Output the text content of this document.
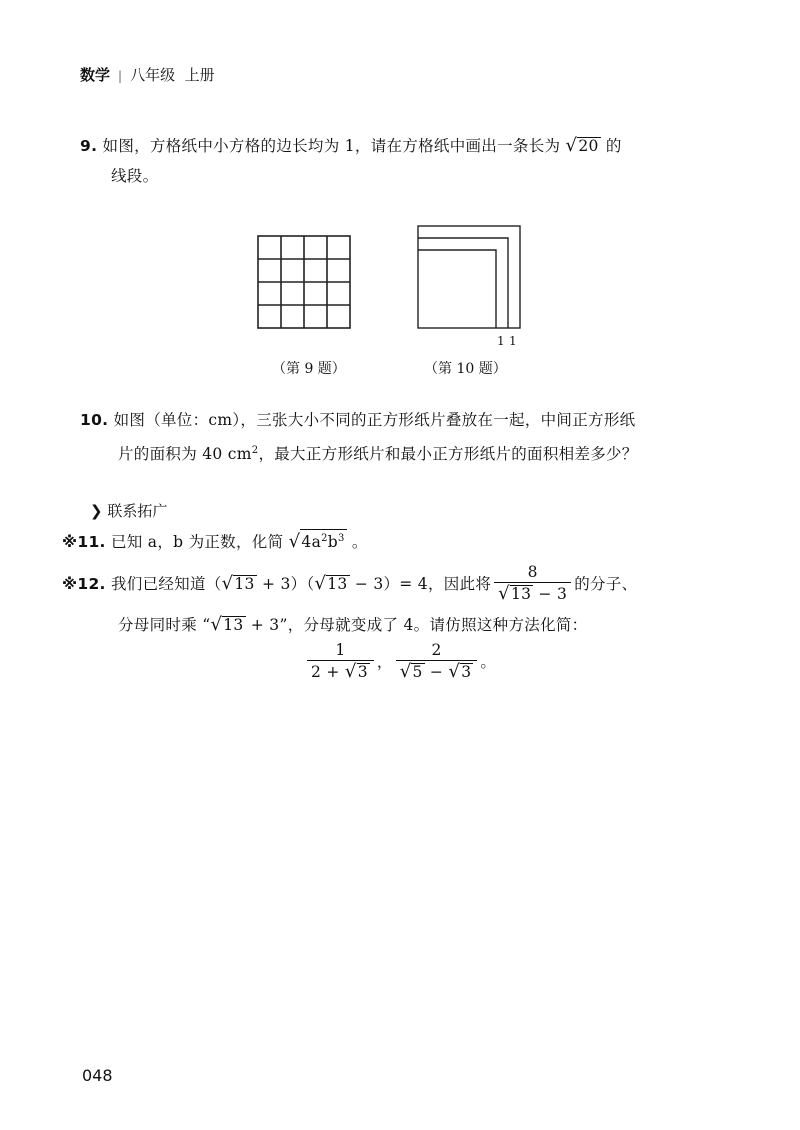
数学 | 八年级 上册
9. 如图，方格纸中小方格的边长均为 1，请在方格纸中画出一条长为 √20 的
线段。
（第 9 题）
1 1
（第 10 题）
10. 如图（单位：cm），三张大小不同的正方形纸片叠放在一起，中间正方形纸
片的面积为 40 $cm^2$，最大正方形纸片和最小正方形纸片的面积相差多少？
❯ 联系拓广
※11. 已知 a，b 为正数，化简 $√4a^2b^3$ 。
※12.
我们已经知道 （ √ 13
+ 3）（ √ 13
− 3）= 4，因此将 $\frac{8}{√13 - 3}$ 的分子、
分母同时乘 “√13 + 3”，分母就变成了 4。请仿照这种方法化简：
$\frac{1}{2 + √3}$ ， $\frac{2}{√5 - √3}$ 。
048
